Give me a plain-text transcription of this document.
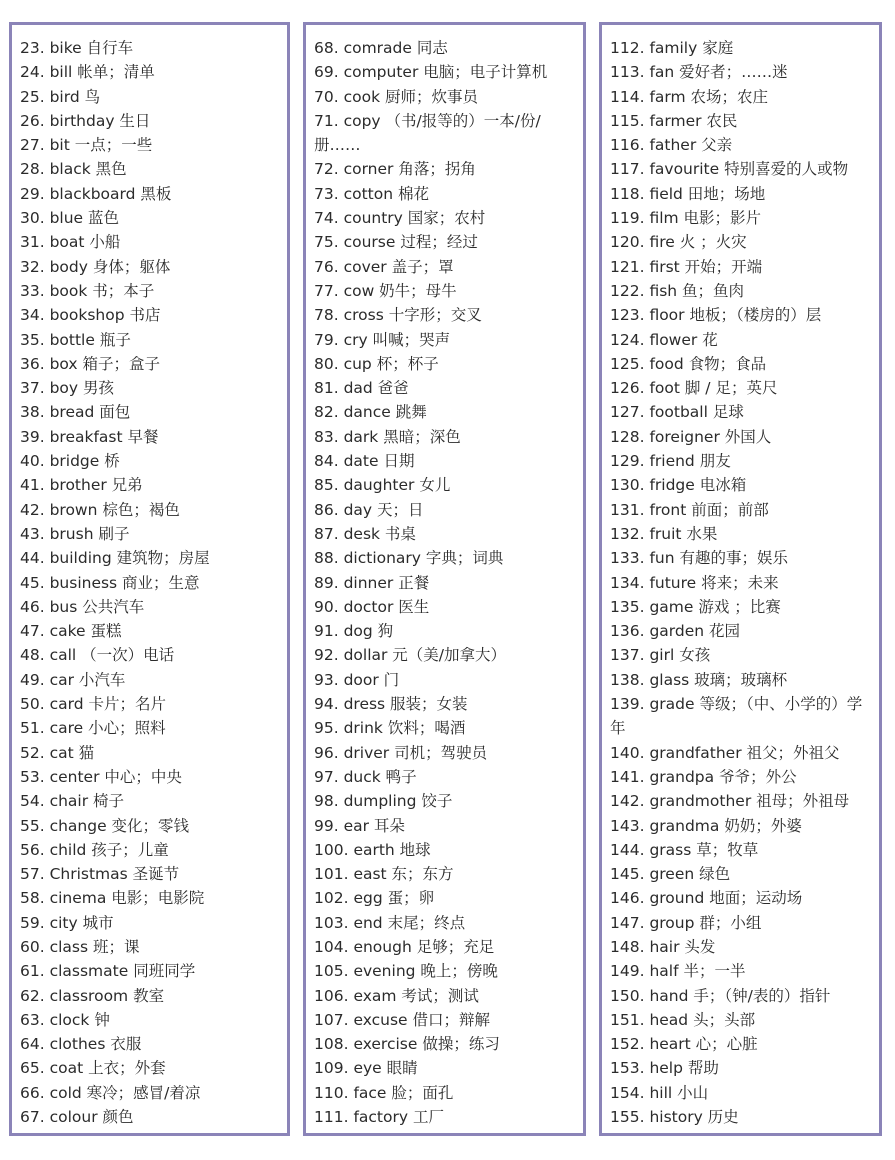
23. bike 自行车
24. bill 帐单；清单
25. bird 鸟
26. birthday 生日
27. bit 一点；一些
28. black 黑色
29. blackboard 黑板
30. blue 蓝色
31. boat 小船
32. body 身体；躯体
33. book 书；本子
34. bookshop 书店
35. bottle 瓶子
36. box 箱子；盒子
37. boy 男孩
38. bread 面包
39. breakfast 早餐
40. bridge 桥
41. brother 兄弟
42. brown 棕色；褐色
43. brush 刷子
44. building 建筑物；房屋
45. business 商业；生意
46. bus 公共汽车
47. cake 蛋糕
48. call （一次）电话
49. car 小汽车
50. card 卡片；名片
51. care 小心；照料
52. cat 猫
53. center 中心；中央
54. chair 椅子
55. change 变化；零钱
56. child 孩子；儿童
57. Christmas 圣诞节
58. cinema 电影；电影院
59. city 城市
60. class 班；课
61. classmate 同班同学
62. classroom 教室
63. clock 钟
64. clothes 衣服
65. coat 上衣；外套
66. cold 寒冷；感冒/着凉
67. colour 颜色
68. comrade 同志
69. computer 电脑；电子计算机
70. cook 厨师；炊事员
71. copy （书/报等的）一本/份/册……
72. corner 角落；拐角
73. cotton 棉花
74. country 国家；农村
75. course 过程；经过
76. cover 盖子；罩
77. cow 奶牛；母牛
78. cross 十字形；交叉
79. cry 叫喊；哭声
80. cup 杯；杯子
81. dad 爸爸
82. dance 跳舞
83. dark 黑暗；深色
84. date 日期
85. daughter 女儿
86. day 天；日
87. desk 书桌
88. dictionary 字典；词典
89. dinner 正餐
90. doctor 医生
91. dog 狗
92. dollar 元（美/加拿大）
93. door 门
94. dress 服装；女装
95. drink 饮料；喝酒
96. driver 司机；驾驶员
97. duck 鸭子
98. dumpling 饺子
99. ear 耳朵
100. earth 地球
101. east 东；东方
102. egg 蛋；卵
103. end 末尾；终点
104. enough 足够；充足
105. evening 晚上；傍晚
106. exam 考试；测试
107. excuse 借口；辩解
108. exercise 做操；练习
109. eye 眼睛
110. face 脸；面孔
111. factory 工厂
112. family 家庭
113. fan 爱好者；……迷
114. farm 农场；农庄
115. farmer 农民
116. father 父亲
117. favourite 特别喜爱的人或物
118. field 田地；场地
119. film 电影；影片
120. fire 火 ；火灾
121. first 开始；开端
122. fish 鱼；鱼肉
123. floor 地板；（楼房的）层
124. flower 花
125. food 食物；食品
126. foot 脚 / 足；英尺
127. football 足球
128. foreigner 外国人
129. friend 朋友
130. fridge 电冰箱
131. front 前面；前部
132. fruit 水果
133. fun 有趣的事；娱乐
134. future 将来；未来
135. game 游戏 ；比赛
136. garden 花园
137. girl 女孩
138. glass 玻璃；玻璃杯
139. grade 等级；（中、小学的）学年
140. grandfather 祖父；外祖父
141. grandpa 爷爷；外公
142. grandmother 祖母；外祖母
143. grandma 奶奶；外婆
144. grass 草；牧草
145. green 绿色
146. ground 地面；运动场
147. group 群；小组
148. hair 头发
149. half 半；一半
150. hand 手；（钟/表的）指针
151. head 头；头部
152. heart 心；心脏
153. help 帮助
154. hill 小山
155. history 历史
